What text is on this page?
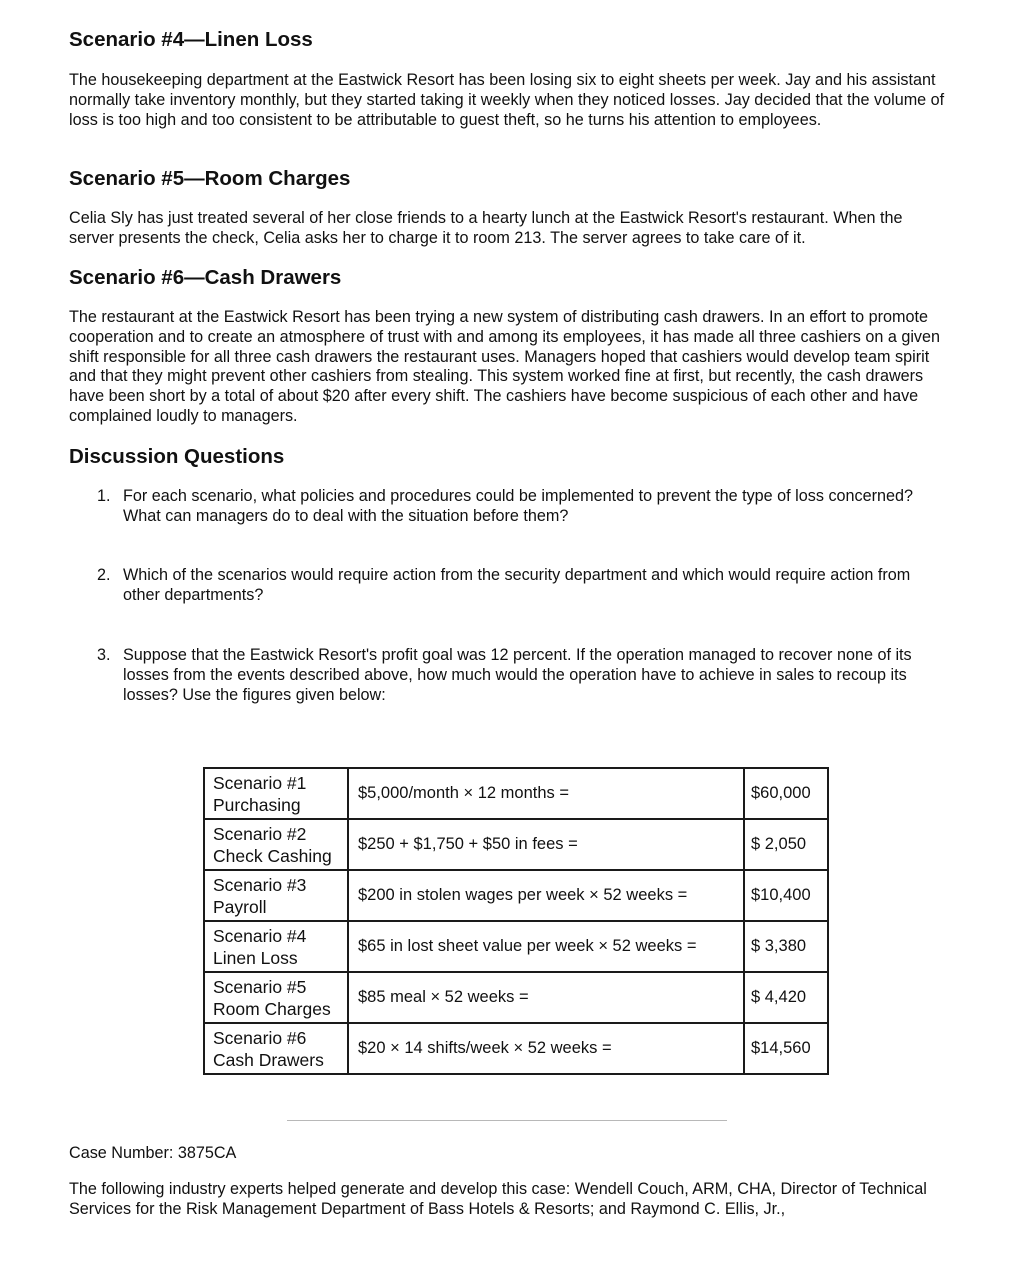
Scenario #4—Linen Loss

The housekeeping department at the Eastwick Resort has been losing six to eight sheets per week. Jay and his assistant normally take inventory monthly, but they started taking it weekly when they noticed losses. Jay decided that the volume of loss is too high and too consistent to be attributable to guest theft, so he turns his attention to employees.

Scenario #5—Room Charges

Celia Sly has just treated several of her close friends to a hearty lunch at the Eastwick Resort's restaurant. When the server presents the check, Celia asks her to charge it to room 213. The server agrees to take care of it.

Scenario #6—Cash Drawers

The restaurant at the Eastwick Resort has been trying a new system of distributing cash drawers. In an effort to promote cooperation and to create an atmosphere of trust with and among its employees, it has made all three cashiers on a given shift responsible for all three cash drawers the restaurant uses. Managers hoped that cashiers would develop team spirit and that they might prevent other cashiers from stealing. This system worked fine at first, but recently, the cash drawers have been short by a total of about $20 after every shift. The cashiers have become suspicious of each other and have complained loudly to managers.

Discussion Questions
1. For each scenario, what policies and procedures could be implemented to prevent the type of loss concerned? What can managers do to deal with the situation before them?
2. Which of the scenarios would require action from the security department and which would require action from other departments?
3. Suppose that the Eastwick Resort's profit goal was 12 percent. If the operation managed to recover none of its losses from the events described above, how much would the operation have to achieve in sales to recoup its losses? Use the figures given below:
Scenario #1
Purchasing	$5,000/month × 12 months =	$60,000

Scenario #2
Check Cashing	$250 + $1,750 + $50 in fees =	$ 2,050

Scenario #3
Payroll	$200 in stolen wages per week × 52 weeks =	$10,400

Scenario #4
Linen Loss	$65 in lost sheet value per week × 52 weeks =	$ 3,380

Scenario #5
Room Charges	$85 meal × 52 weeks =	$ 4,420

Scenario #6
Cash Drawers	$20 × 14 shifts/week × 52 weeks =	$14,560
Case Number: 3875CA
The following industry experts helped generate and develop this case: Wendell Couch, ARM, CHA, Director of Technical Services for the Risk Management Department of Bass Hotels & Resorts; and Raymond C. Ellis, Jr.,
